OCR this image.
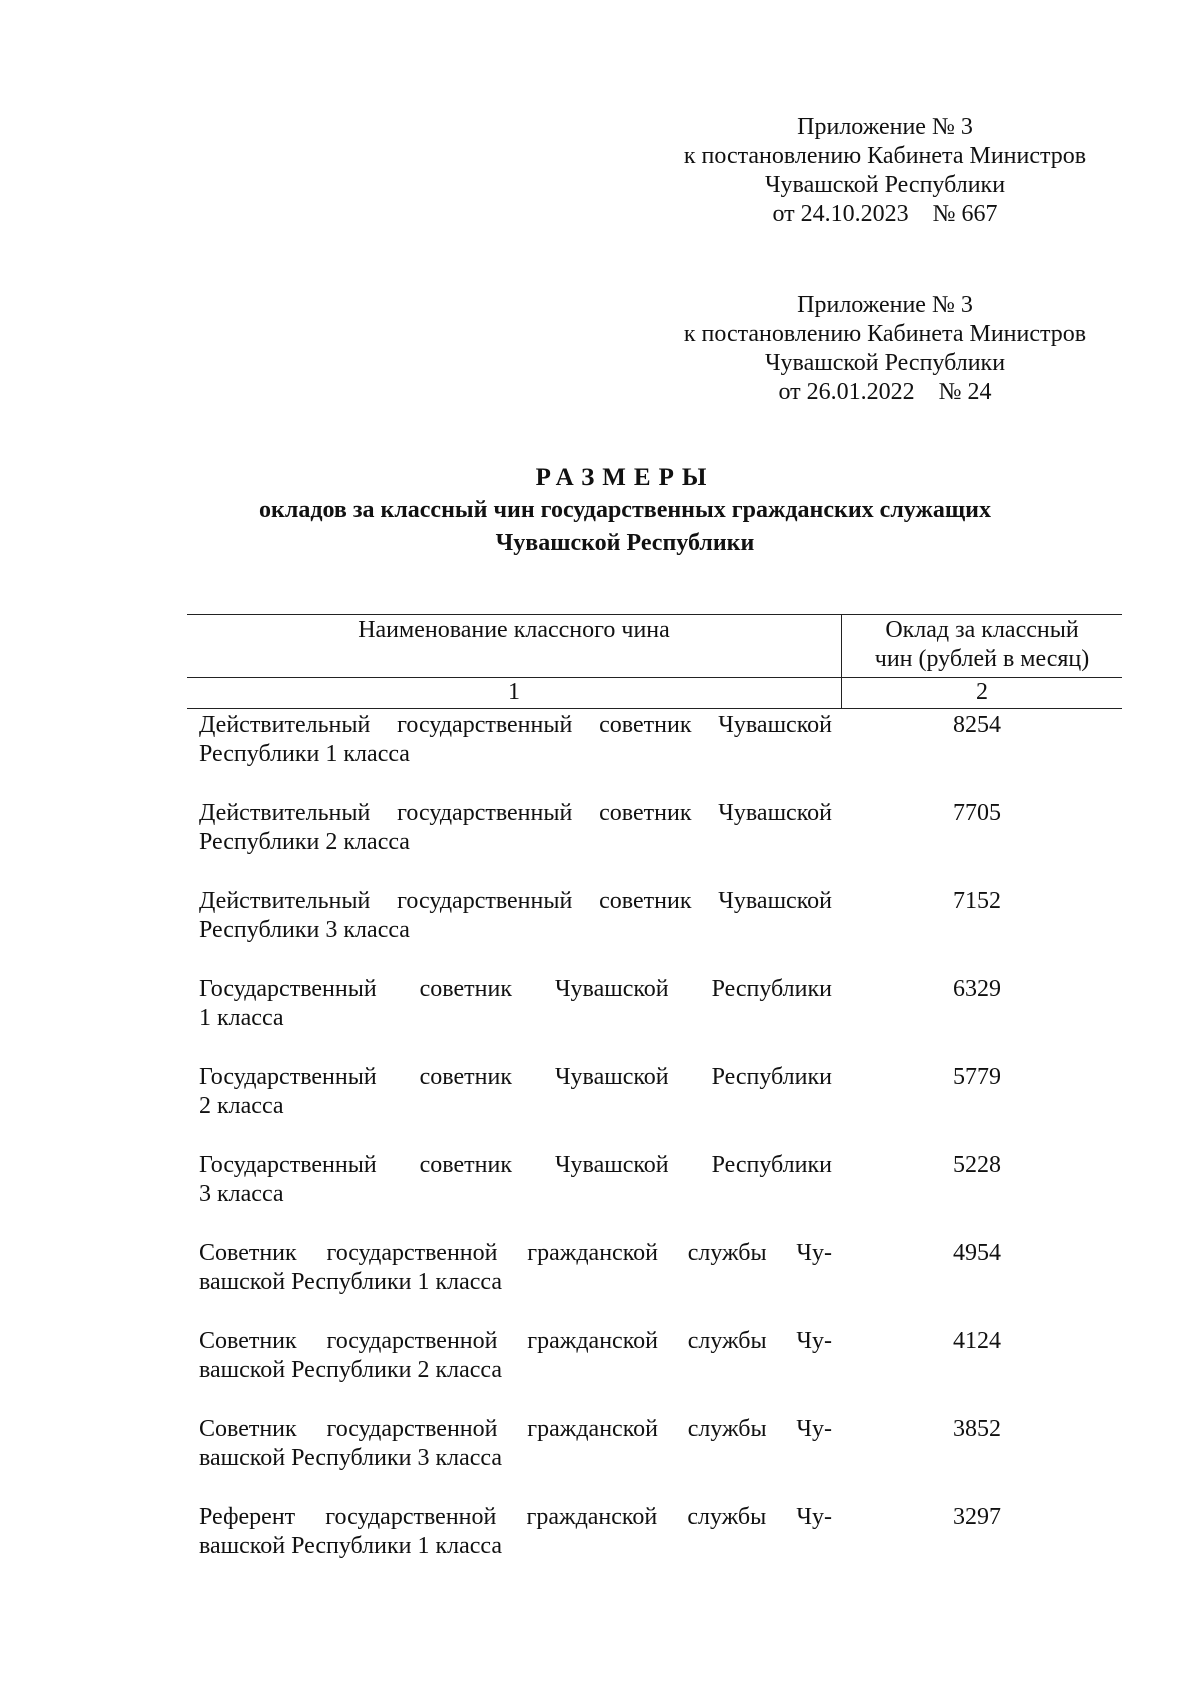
Приложение № 3
к постановлению Кабинета Министров
Чувашской Республики
от 24.10.2023    № 667
Приложение № 3
к постановлению Кабинета Министров
Чувашской Республики
от 26.01.2022    № 24
РАЗМЕРЫ
окладов за классный чин государственных гражданских служащих
Чувашской Республики
Наименование классного чина	Оклад за классный
чин (рублей в месяц)
1	2
Действительный государственный советник Чувашской
Республики 1 класса
8254
Действительный государственный советник Чувашской
Республики 2 класса
7705
Действительный государственный советник Чувашской
Республики 3 класса
7152
Государственный советник Чувашской Республики
1 класса
6329
Государственный советник Чувашской Республики
2 класса
5779
Государственный советник Чувашской Республики
3 класса
5228
Советник государственной гражданской службы Чу-
вашской Республики 1 класса
4954
Советник государственной гражданской службы Чу-
вашской Республики 2 класса
4124
Советник государственной гражданской службы Чу-
вашской Республики 3 класса
3852
Референт государственной гражданской службы Чу-
вашской Республики 1 класса
3297
